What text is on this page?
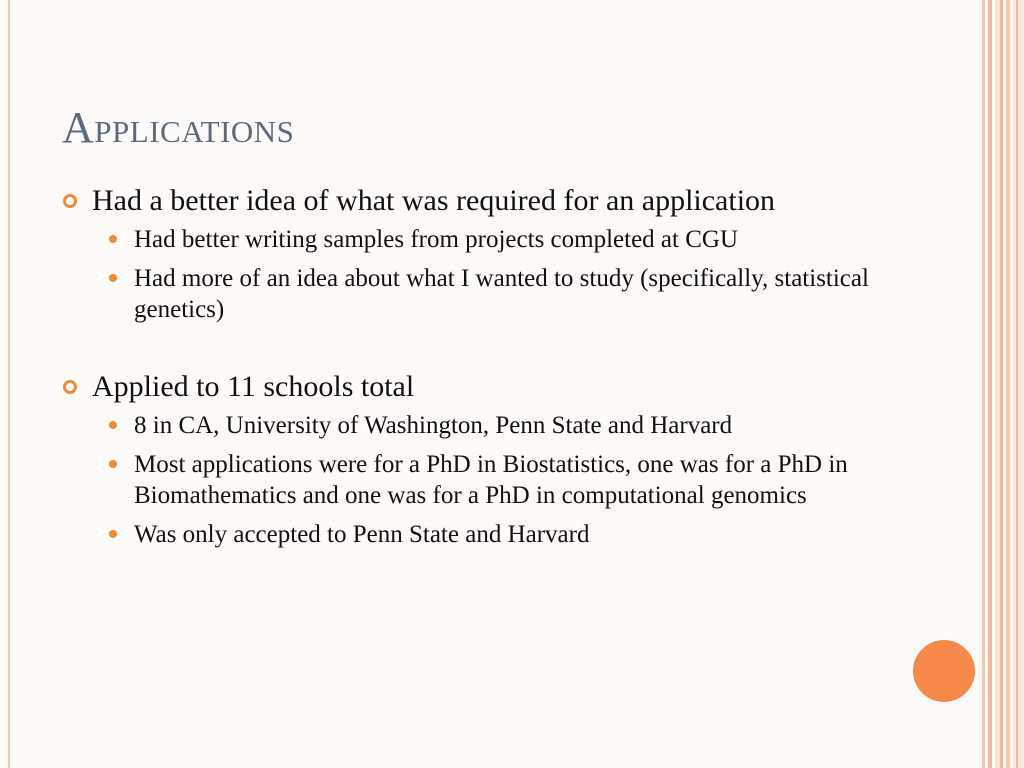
Applications
Had a better idea of what was required for an application
Had better writing samples from projects completed at CGU
Had more of an idea about what I wanted to study (specifically, statistical genetics)
Applied to 11 schools total
8 in CA, University of Washington, Penn State and Harvard
Most applications were for a PhD in Biostatistics, one was for a PhD in Biomathematics and one was for a PhD in computational genomics
Was only accepted to Penn State and Harvard
